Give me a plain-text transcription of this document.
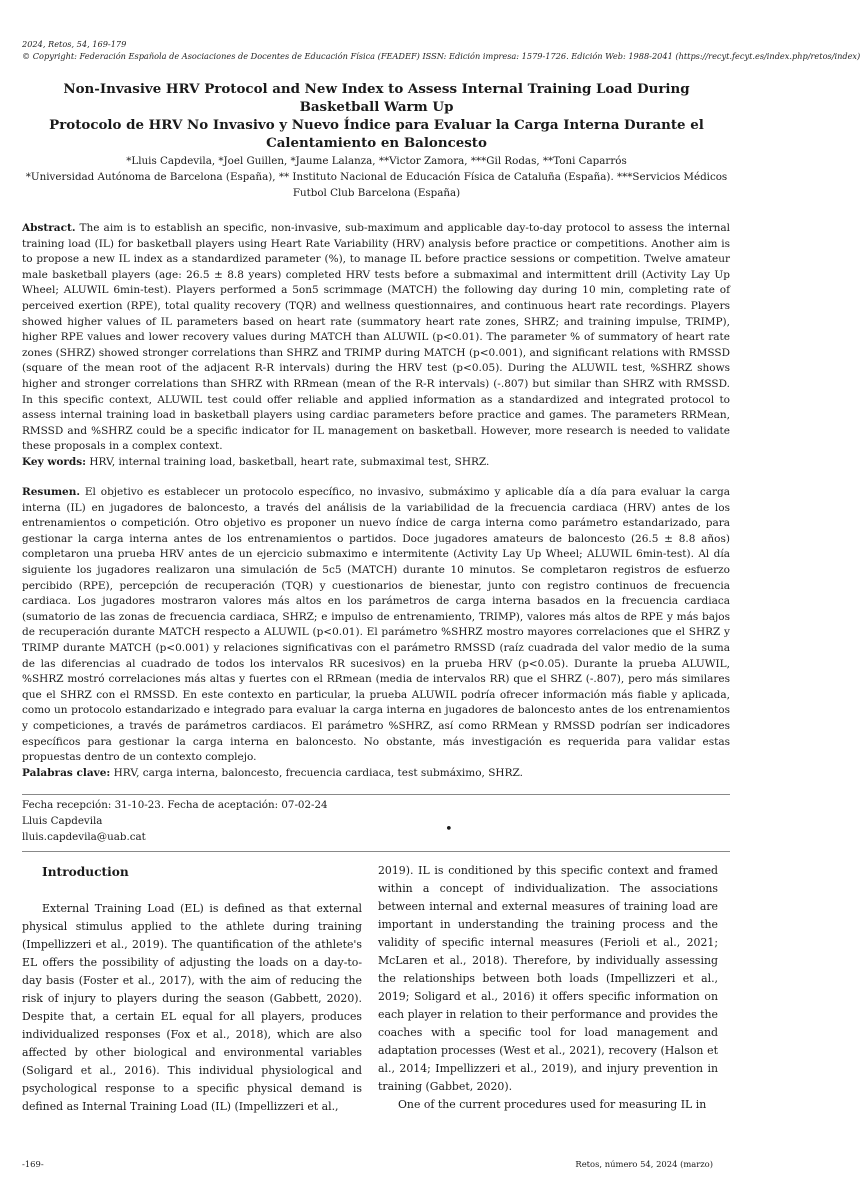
2024, Retos, 54, 169-179
© Copyright: Federación Española de Asociaciones de Docentes de Educación Física (FEADEF) ISSN: Edición impresa: 1579-1726. Edición Web: 1988-2041 (https://recyt.fecyt.es/index.php/retos/index)
Non-Invasive HRV Protocol and New Index to Assess Internal Training Load During Basketball Warm Up
Protocolo de HRV No Invasivo y Nuevo Índice para Evaluar la Carga Interna Durante el Calentamiento en Baloncesto
*Lluis Capdevila, *Joel Guillen, *Jaume Lalanza, **Victor Zamora, ***Gil Rodas, **Toni Caparrós
*Universidad Autónoma de Barcelona (España), ** Instituto Nacional de Educación Física de Cataluña (España). ***Servicios Médicos Futbol Club Barcelona (España)
Abstract. The aim is to establish an specific, non-invasive, sub-maximum and applicable day-to-day protocol to assess the internal training load (IL) for basketball players using Heart Rate Variability (HRV) analysis before practice or competitions. Another aim is to propose a new IL index as a standardized parameter (%), to manage IL before practice sessions or competition. Twelve amateur male basketball players (age: 26.5 ± 8.8 years) completed HRV tests before a submaximal and intermittent drill (Activity Lay Up Wheel; ALUWIL 6min-test). Players performed a 5on5 scrimmage (MATCH) the following day during 10 min, completing rate of perceived exertion (RPE), total quality recovery (TQR) and wellness questionnaires, and continuous heart rate recordings. Players showed higher values of IL parameters based on heart rate (summatory heart rate zones, SHRZ; and training impulse, TRIMP), higher RPE values and lower recovery values during MATCH than ALUWIL (p<0.01). The parameter % of summatory of heart rate zones (SHRZ) showed stronger correlations than SHRZ and TRIMP during MATCH (p<0.001), and significant relations with RMSSD (square of the mean root of the adjacent R-R intervals) during the HRV test (p<0.05). During the ALUWIL test, %SHRZ shows higher and stronger correlations than SHRZ with RRmean (mean of the R-R intervals) (-.807) but similar than SHRZ with RMSSD. In this specific context, ALUWIL test could offer reliable and applied information as a standardized and integrated protocol to assess internal training load in basketball players using cardiac parameters before practice and games. The parameters RRMean, RMSSD and %SHRZ could be a specific indicator for IL management on basketball. However, more research is needed to validate these proposals in a complex context.
Key words: HRV, internal training load, basketball, heart rate, submaximal test, SHRZ.
Resumen. El objetivo es establecer un protocolo específico, no invasivo, submáximo y aplicable día a día para evaluar la carga interna (IL) en jugadores de baloncesto, a través del análisis de la variabilidad de la frecuencia cardiaca (HRV) antes de los entrenamientos o competición. Otro objetivo es proponer un nuevo índice de carga interna como parámetro estandarizado, para gestionar la carga interna antes de los entrenamientos o partidos. Doce jugadores amateurs de baloncesto (26.5 ± 8.8 años) completaron una prueba HRV antes de un ejercicio submaximo e intermitente (Activity Lay Up Wheel; ALUWIL 6min-test). Al día siguiente los jugadores realizaron una simulación de 5c5 (MATCH) durante 10 minutos. Se completaron registros de esfuerzo percibido (RPE), percepción de recuperación (TQR) y cuestionarios de bienestar, junto con registro continuos de frecuencia cardiaca. Los jugadores mostraron valores más altos en los parámetros de carga interna basados en la frecuencia cardiaca (sumatorio de las zonas de frecuencia cardiaca, SHRZ; e impulso de entrenamiento, TRIMP), valores más altos de RPE y más bajos de recuperación durante MATCH respecto a ALUWIL (p<0.01). El parámetro %SHRZ mostro mayores correlaciones que el SHRZ y TRIMP durante MATCH (p<0.001) y relaciones significativas con el parámetro RMSSD (raíz cuadrada del valor medio de la suma de las diferencias al cuadrado de todos los intervalos RR sucesivos) en la prueba HRV (p<0.05). Durante la prueba ALUWIL, %SHRZ mostró correlaciones más altas y fuertes con el RRmean (media de intervalos RR) que el SHRZ (-.807), pero más similares que el SHRZ con el RMSSD. En este contexto en particular, la prueba ALUWIL podría ofrecer información más fiable y aplicada, como un protocolo estandarizado e integrado para evaluar la carga interna en jugadores de baloncesto antes de los entrenamientos y competiciones, a través de parámetros cardiacos. El parámetro %SHRZ, así como RRMean y RMSSD podrían ser indicadores específicos para gestionar la carga interna en baloncesto. No obstante, más investigación es requerida para validar estas propuestas dentro de un contexto complejo.
Palabras clave: HRV, carga interna, baloncesto, frecuencia cardiaca, test submáximo, SHRZ.
Fecha recepción: 31-10-23. Fecha de aceptación: 07-02-24
Lluis Capdevila
lluis.capdevila@uab.cat	•
Introduction

External Training Load (EL) is defined as that external physical stimulus applied to the athlete during training (Impellizzeri et al., 2019). The quantification of the athlete's EL offers the possibility of adjusting the loads on a day-to-day basis (Foster et al., 2017), with the aim of reducing the risk of injury to players during the season (Gabbett, 2020). Despite that, a certain EL equal for all players, produces individualized responses (Fox et al., 2018), which are also affected by other biological and environmental variables (Soligard et al., 2016). This individual physiological and psychological response to a specific physical demand is defined as Internal Training Load (IL) (Impellizzeri et al.,

2019). IL is conditioned by this specific context and framed within a concept of individualization. The associations between internal and external measures of training load are important in understanding the training process and the validity of specific internal measures (Ferioli et al., 2021; McLaren et al., 2018). Therefore, by individually assessing the relationships between both loads (Impellizzeri et al., 2019; Soligard et al., 2016) it offers specific information on each player in relation to their performance and provides the coaches with a specific tool for load management and adaptation processes (West et al., 2021), recovery (Halson et al., 2014; Impellizzeri et al., 2019), and injury prevention in training (Gabbet, 2020).

One of the current procedures used for measuring IL in

-169-	Retos, número 54, 2024 (marzo)
